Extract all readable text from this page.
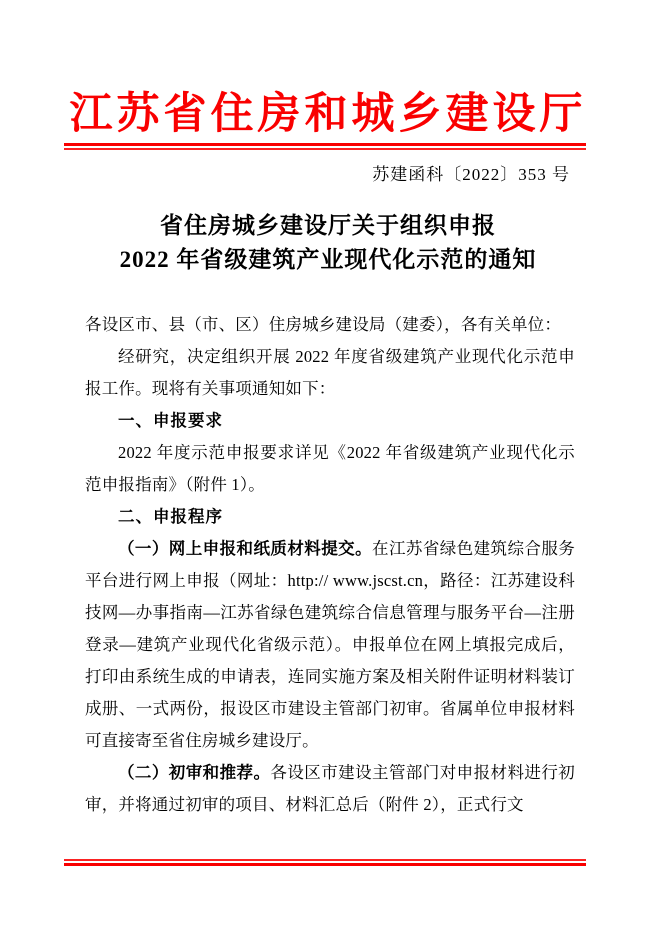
江苏省住房和城乡建设厅
苏建函科〔2022〕353 号
省住房城乡建设厅关于组织申报
2022 年省级建筑产业现代化示范的通知

各设区市、县（市、区）住房城乡建设局（建委），各有关单位：

经研究，决定组织开展 2022 年度省级建筑产业现代化示范申报工作。现将有关事项通知如下：

一、申报要求

2022 年度示范申报要求详见《2022 年省级建筑产业现代化示范申报指南》（附件 1）。

二、申报程序

（一）网上申报和纸质材料提交。在江苏省绿色建筑综合服务平台进行网上申报（网址：http:// www.jscst.cn，路径：江苏建设科技网—办事指南—江苏省绿色建筑综合信息管理与服务平台—注册登录—建筑产业现代化省级示范）。申报单位在网上填报完成后，打印由系统生成的申请表，连同实施方案及相关附件证明材料装订成册、一式两份，报设区市建设主管部门初审。省属单位申报材料可直接寄至省住房城乡建设厅。

（二）初审和推荐。各设区市建设主管部门对申报材料进行初审，并将通过初审的项目、材料汇总后（附件 2），正式行文
